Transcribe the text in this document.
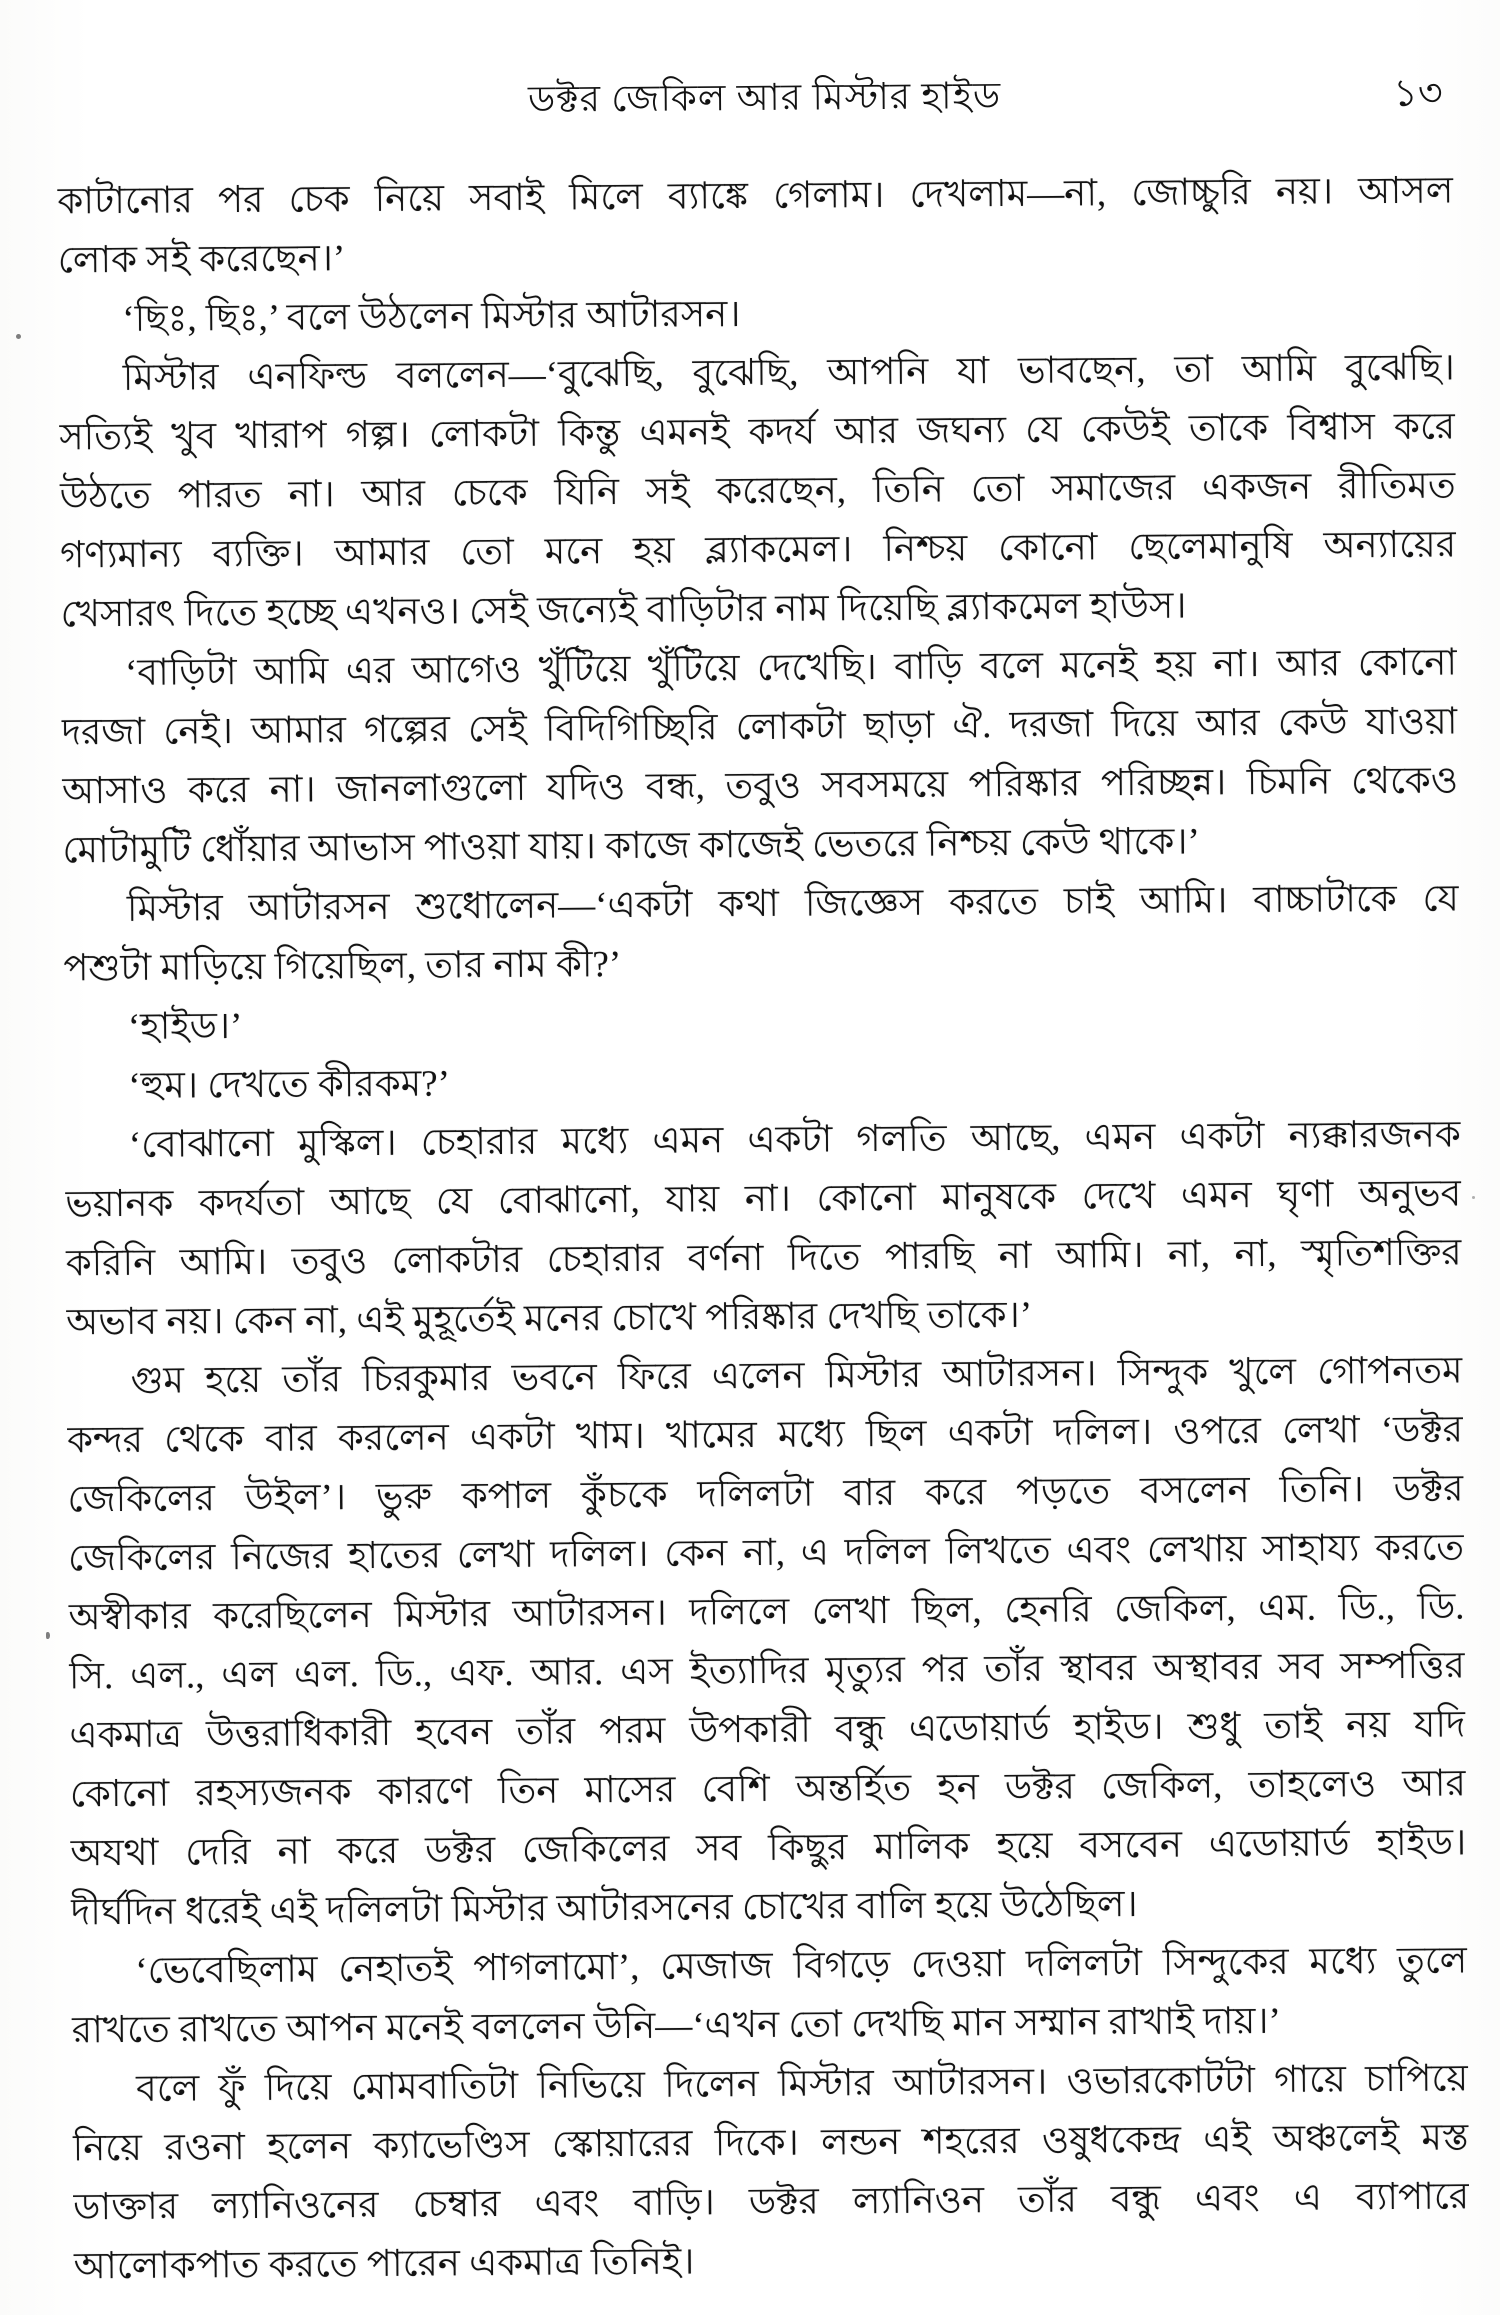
ডক্টর জেকিল আর মিস্টার হাইড	১৩
কাটানোর পর চেক নিয়ে সবাই মিলে ব্যাঙ্কে গেলাম। দেখলাম—না, জোচ্চুরি নয়। আসল
লোক সই করেছেন।’
‘ছিঃ, ছিঃ,’ বলে উঠলেন মিস্টার আটারসন।
মিস্টার এনফিল্ড বললেন—‘বুঝেছি, বুঝেছি, আপনি যা ভাবছেন, তা আমি বুঝেছি।
সত্যিই খুব খারাপ গল্প। লোকটা কিন্তু এমনই কদর্য আর জঘন্য যে কেউই তাকে বিশ্বাস করে
উঠতে পারত না। আর চেকে যিনি সই করেছেন, তিনি তো সমাজের একজন রীতিমত
গণ্যমান্য ব্যক্তি। আমার তো মনে হয় ব্ল্যাকমেল। নিশ্চয় কোনো ছেলেমানুষি অন্যায়ের
খেসারৎ দিতে হচ্ছে এখনও। সেই জন্যেই বাড়িটার নাম দিয়েছি ব্ল্যাকমেল হাউস।
‘বাড়িটা আমি এর আগেও খুঁটিয়ে খুঁটিয়ে দেখেছি। বাড়ি বলে মনেই হয় না। আর কোনো
দরজা নেই। আমার গল্পের সেই বিদিগিচ্ছিরি লোকটা ছাড়া ঐ. দরজা দিয়ে আর কেউ যাওয়া
আসাও করে না। জানলাগুলো যদিও বন্ধ, তবুও সবসময়ে পরিষ্কার পরিচ্ছন্ন। চিমনি থেকেও
মোটামুটি ধোঁয়ার আভাস পাওয়া যায়। কাজে কাজেই ভেতরে নিশ্চয় কেউ থাকে।’
মিস্টার আটারসন শুধোলেন—‘একটা কথা জিজ্ঞেস করতে চাই আমি। বাচ্চাটাকে যে
পশুটা মাড়িয়ে গিয়েছিল, তার নাম কী?’
‘হাইড।’
‘হুম। দেখতে কীরকম?’
‘বোঝানো মুস্কিল। চেহারার মধ্যে এমন একটা গলতি আছে, এমন একটা ন্যক্কারজনক
ভয়ানক কদর্যতা আছে যে বোঝানো, যায় না। কোনো মানুষকে দেখে এমন ঘৃণা অনুভব
করিনি আমি। তবুও লোকটার চেহারার বর্ণনা দিতে পারছি না আমি। না, না, স্মৃতিশক্তির
অভাব নয়। কেন না, এই মুহূর্তেই মনের চোখে পরিষ্কার দেখছি তাকে।’
গুম হয়ে তাঁর চিরকুমার ভবনে ফিরে এলেন মিস্টার আটারসন। সিন্দুক খুলে গোপনতম
কন্দর থেকে বার করলেন একটা খাম। খামের মধ্যে ছিল একটা দলিল। ওপরে লেখা ‘ডক্টর
জেকিলের উইল’। ভুরু কপাল কুঁচকে দলিলটা বার করে পড়তে বসলেন তিনি। ডক্টর
জেকিলের নিজের হাতের লেখা দলিল। কেন না, এ দলিল লিখতে এবং লেখায় সাহায্য করতে
অস্বীকার করেছিলেন মিস্টার আটারসন। দলিলে লেখা ছিল, হেনরি জেকিল, এম. ডি., ডি.
সি. এল., এল এল. ডি., এফ. আর. এস ইত্যাদির মৃত্যুর পর তাঁর স্থাবর অস্থাবর সব সম্পত্তির
একমাত্র উত্তরাধিকারী হবেন তাঁর পরম উপকারী বন্ধু এডোয়ার্ড হাইড। শুধু তাই নয় যদি
কোনো রহস্যজনক কারণে তিন মাসের বেশি অন্তর্হিত হন ডক্টর জেকিল, তাহলেও আর
অযথা দেরি না করে ডক্টর জেকিলের সব কিছুর মালিক হয়ে বসবেন এডোয়ার্ড হাইড।
দীর্ঘদিন ধরেই এই দলিলটা মিস্টার আটারসনের চোখের বালি হয়ে উঠেছিল।
‘ভেবেছিলাম নেহাতই পাগলামো’, মেজাজ বিগড়ে দেওয়া দলিলটা সিন্দুকের মধ্যে তুলে
রাখতে রাখতে আপন মনেই বললেন উনি—‘এখন তো দেখছি মান সম্মান রাখাই দায়।’
বলে ফুঁ দিয়ে মোমবাতিটা নিভিয়ে দিলেন মিস্টার আটারসন। ওভারকোটটা গায়ে চাপিয়ে
নিয়ে রওনা হলেন ক্যাভেণ্ডিস স্কোয়ারের দিকে। লন্ডন শহরের ওষুধকেন্দ্র এই অঞ্চলেই মস্ত
ডাক্তার ল্যানিওনের চেম্বার এবং বাড়ি। ডক্টর ল্যানিওন তাঁর বন্ধু এবং এ ব্যাপারে
আলোকপাত করতে পারেন একমাত্র তিনিই।
